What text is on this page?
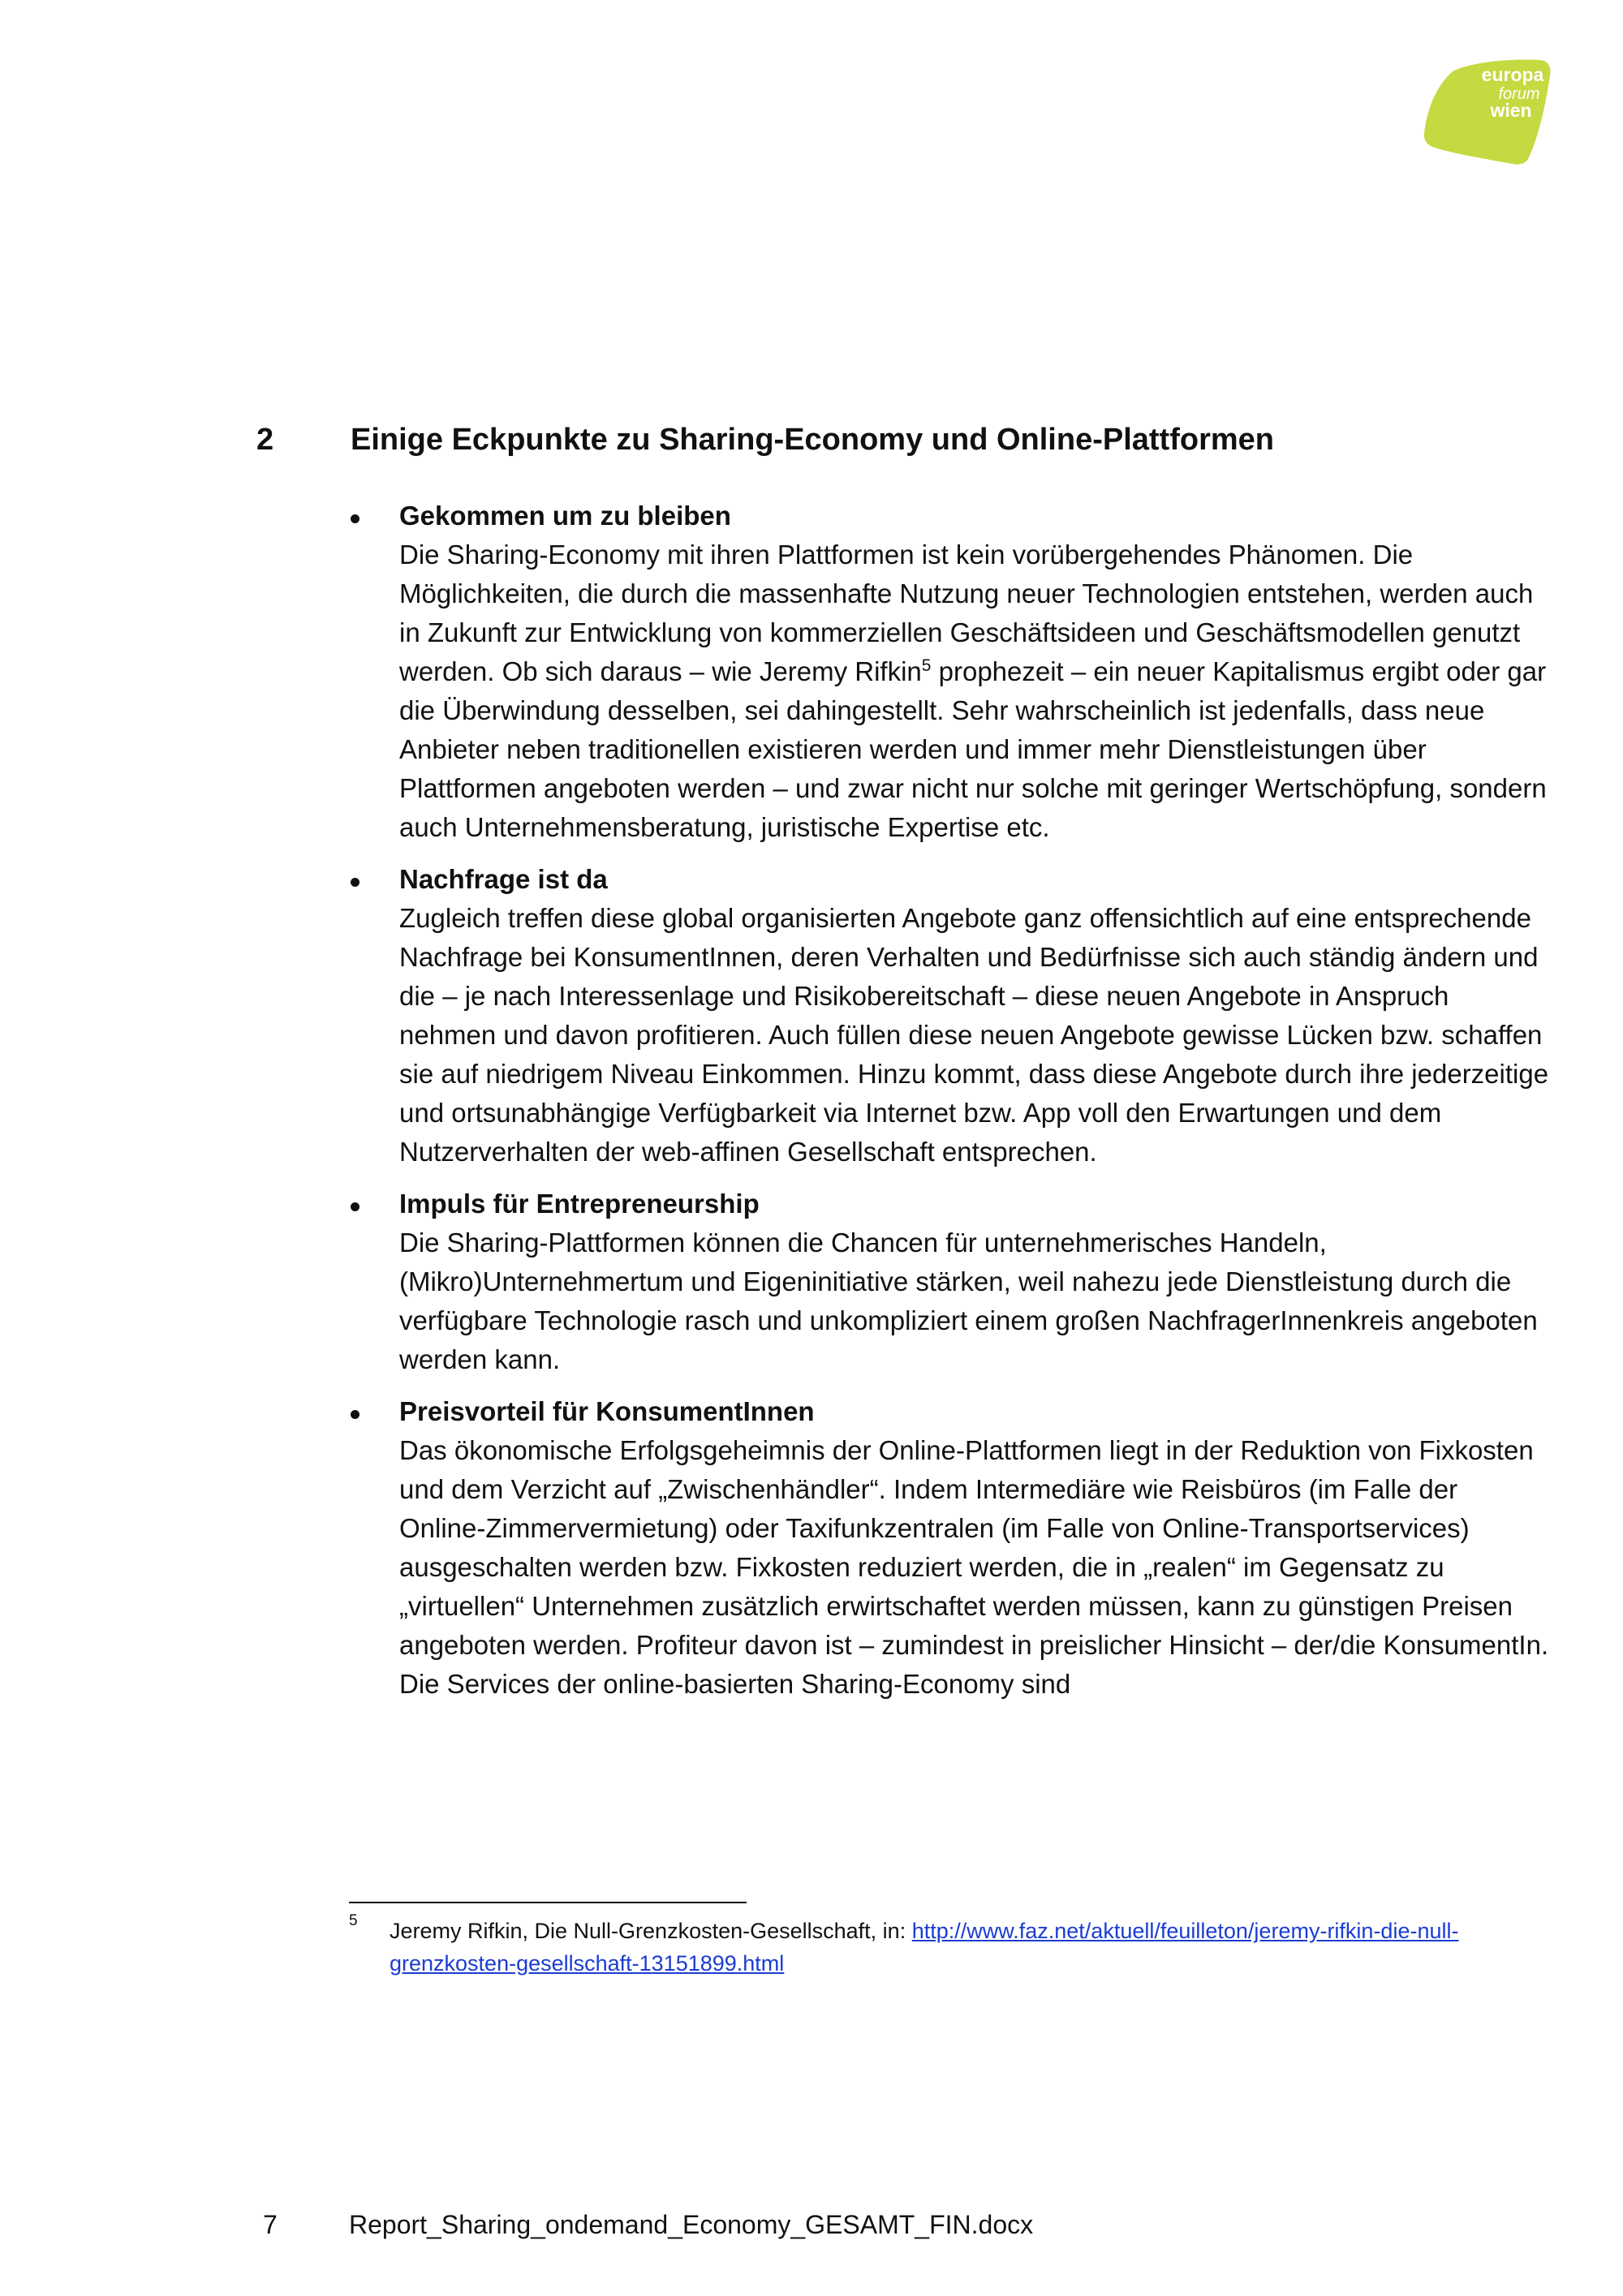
europa
forum
wien
2 Einige Eckpunkte zu Sharing-Economy und Online-Plattformen
Gekommen um zu bleiben
Die Sharing-Economy mit ihren Plattformen ist kein vorübergehendes Phänomen. Die Möglichkeiten, die durch die massenhafte Nutzung neuer Technologien entstehen, werden auch in Zukunft zur Entwicklung von kommerziellen Geschäftsideen und Geschäftsmodellen genutzt werden. Ob sich daraus – wie Jeremy Rifkin$^5$ prophezeit – ein neuer Kapitalismus ergibt oder gar die Überwindung desselben, sei dahingestellt. Sehr wahrscheinlich ist jedenfalls, dass neue Anbieter neben traditionellen existieren werden und immer mehr Dienstleistungen über Plattformen angeboten werden – und zwar nicht nur solche mit geringer Wertschöpfung, sondern auch Unternehmensberatung, juristische Expertise etc.
Nachfrage ist da
Zugleich treffen diese global organisierten Angebote ganz offensichtlich auf eine entsprechende Nachfrage bei KonsumentInnen, deren Verhalten und Bedürfnisse sich auch ständig ändern und die – je nach Interessenlage und Risikobereitschaft – diese neuen Angebote in Anspruch nehmen und davon profitieren. Auch füllen diese neuen Angebote gewisse Lücken bzw. schaffen sie auf niedrigem Niveau Einkommen. Hinzu kommt, dass diese Angebote durch ihre jederzeitige und ortsunabhängige Verfügbarkeit via Internet bzw. App voll den Erwartungen und dem Nutzerverhalten der web-affinen Gesellschaft entsprechen.
Impuls für Entrepreneurship
Die Sharing-Plattformen können die Chancen für unternehmerisches Handeln, (Mikro)Unternehmertum und Eigeninitiative stärken, weil nahezu jede Dienstleistung durch die verfügbare Technologie rasch und unkompliziert einem großen NachfragerInnenkreis angeboten werden kann.
Preisvorteil für KonsumentInnen
Das ökonomische Erfolgsgeheimnis der Online-Plattformen liegt in der Reduktion von Fixkosten und dem Verzicht auf „Zwischenhändler“. Indem Intermediäre wie Reisbüros (im Falle der Online-Zimmervermietung) oder Taxifunkzentralen (im Falle von Online-Transportservices) ausgeschalten werden bzw. Fixkosten reduziert werden, die in „realen“ im Gegensatz zu „virtuellen“ Unternehmen zusätzlich erwirtschaftet werden müssen, kann zu günstigen Preisen angeboten werden. Profiteur davon ist – zumindest in preislicher Hinsicht – der/die KonsumentIn. Die Services der online-basierten Sharing-Economy sind
5	Jeremy Rifkin, Die Null-Grenzkosten-Gesellschaft, in: http://www.faz.net/aktuell/feuilleton/jeremy-rifkin-die-null-grenzkosten-gesellschaft-13151899.html
7	Report_Sharing_ondemand_Economy_GESAMT_FIN.docx
